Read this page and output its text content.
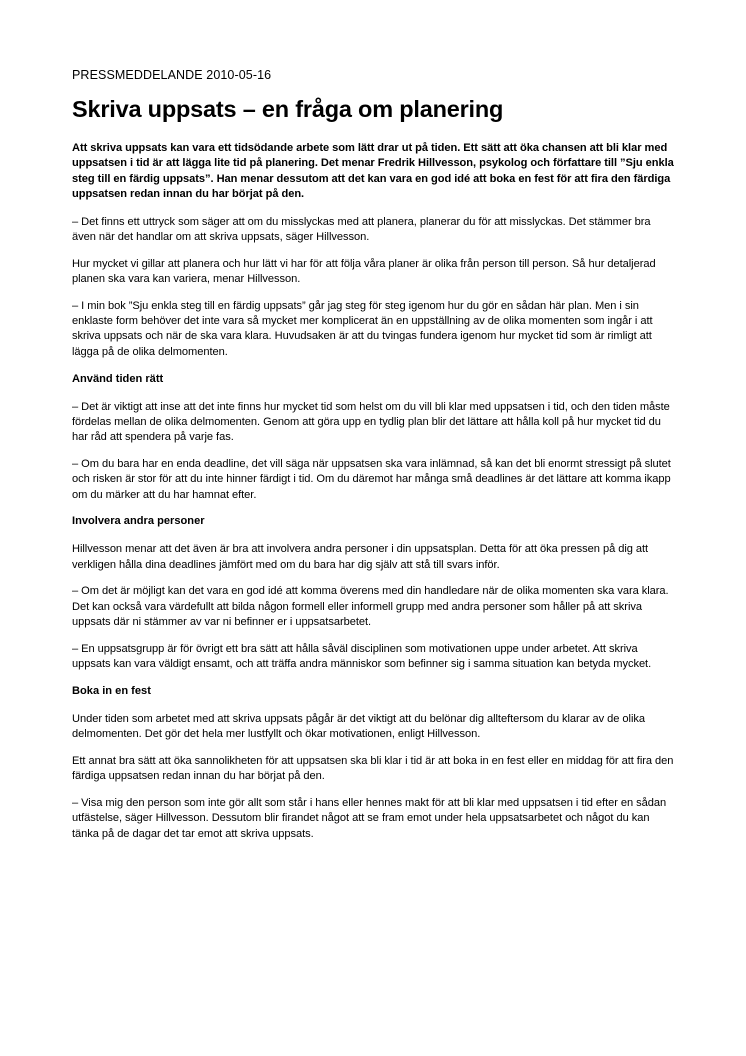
PRESSMEDDELANDE 2010-05-16
Skriva uppsats – en fråga om planering

Att skriva uppsats kan vara ett tidsödande arbete som lätt drar ut på tiden. Ett sätt att öka chansen att bli klar med uppsatsen i tid är att lägga lite tid på planering. Det menar Fredrik Hillvesson, psykolog och författare till ”Sju enkla steg till en färdig uppsats”. Han menar dessutom att det kan vara en god idé att boka en fest för att fira den färdiga uppsatsen redan innan du har börjat på den.

– Det finns ett uttryck som säger att om du misslyckas med att planera, planerar du för att misslyckas. Det stämmer bra även när det handlar om att skriva uppsats, säger Hillvesson.

Hur mycket vi gillar att planera och hur lätt vi har för att följa våra planer är olika från person till person. Så hur detaljerad planen ska vara kan variera, menar Hillvesson.

– I min bok ”Sju enkla steg till en färdig uppsats” går jag steg för steg igenom hur du gör en sådan här plan. Men i sin enklaste form behöver det inte vara så mycket mer komplicerat än en uppställning av de olika momenten som ingår i att skriva uppsats och när de ska vara klara. Huvudsaken är att du tvingas fundera igenom hur mycket tid som är rimligt att lägga på de olika delmomenten.

Använd tiden rätt

– Det är viktigt att inse att det inte finns hur mycket tid som helst om du vill bli klar med uppsatsen i tid, och den tiden måste fördelas mellan de olika delmomenten. Genom att göra upp en tydlig plan blir det lättare att hålla koll på hur mycket tid du har råd att spendera på varje fas.

– Om du bara har en enda deadline, det vill säga när uppsatsen ska vara inlämnad, så kan det bli enormt stressigt på slutet och risken är stor för att du inte hinner färdigt i tid. Om du däremot har många små deadlines är det lättare att komma ikapp om du märker att du har hamnat efter.

Involvera andra personer

Hillvesson menar att det även är bra att involvera andra personer i din uppsatsplan. Detta för att öka pressen på dig att verkligen hålla dina deadlines jämfört med om du bara har dig själv att stå till svars inför.

– Om det är möjligt kan det vara en god idé att komma överens med din handledare när de olika momenten ska vara klara. Det kan också vara värdefullt att bilda någon formell eller informell grupp med andra personer som håller på att skriva uppsats där ni stämmer av var ni befinner er i uppsatsarbetet.

– En uppsatsgrupp är för övrigt ett bra sätt att hålla såväl disciplinen som motivationen uppe under arbetet. Att skriva uppsats kan vara väldigt ensamt, och att träffa andra människor som befinner sig i samma situation kan betyda mycket.

Boka in en fest

Under tiden som arbetet med att skriva uppsats pågår är det viktigt att du belönar dig allteftersom du klarar av de olika delmomenten. Det gör det hela mer lustfyllt och ökar motivationen, enligt Hillvesson.

Ett annat bra sätt att öka sannolikheten för att uppsatsen ska bli klar i tid är att boka in en fest eller en middag för att fira den färdiga uppsatsen redan innan du har börjat på den.

– Visa mig den person som inte gör allt som står i hans eller hennes makt för att bli klar med uppsatsen i tid efter en sådan utfästelse, säger Hillvesson. Dessutom blir firandet något att se fram emot under hela uppsatsarbetet och något du kan tänka på de dagar det tar emot att skriva uppsats.
